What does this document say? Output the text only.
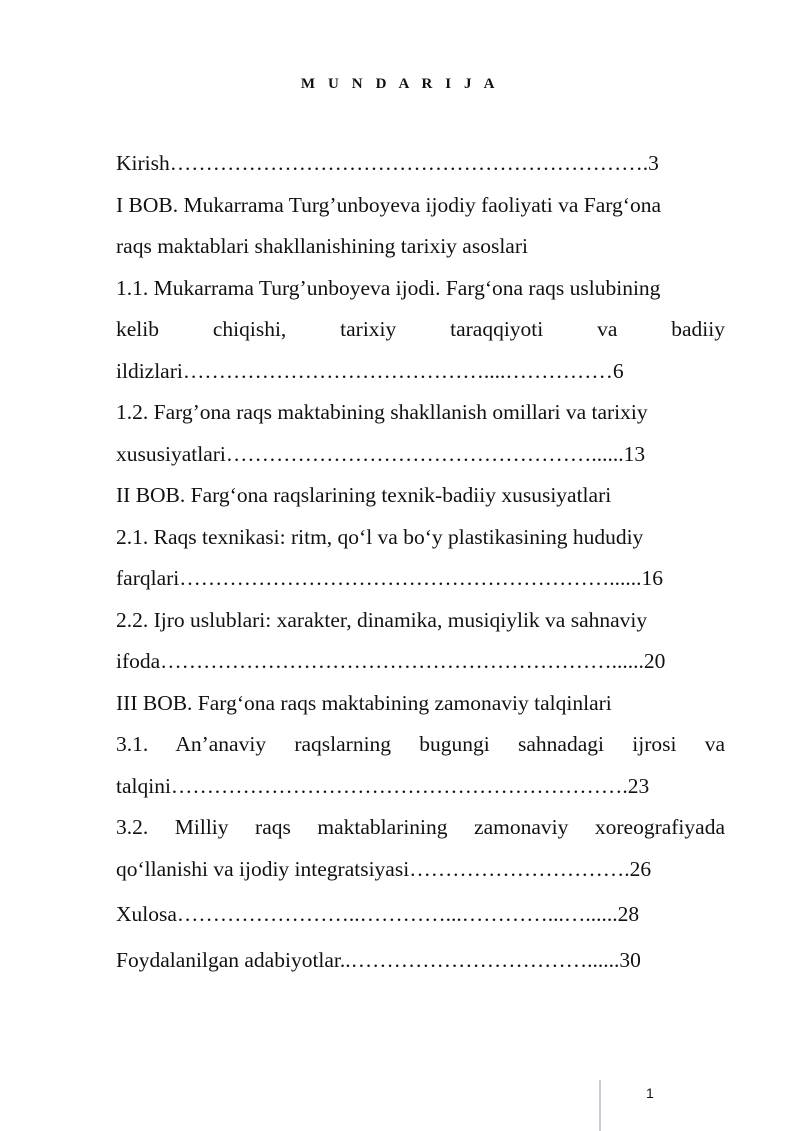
M U N D A R I J A
Kirish………………………………………………………….3
I BOB. Mukarrama Turg’unboyeva ijodiy faoliyati va Farg‘ona
raqs maktablari shakllanishining tarixiy asoslari
1.1. Mukarrama Turg’unboyeva ijodi. Farg‘ona raqs uslubining
kelib chiqishi, tarixiy taraqqiyoti va badiiy
ildizlari……………………………………....……………6
1.2. Farg’ona raqs maktabining shakllanish omillari va tarixiy
xususiyatlari……………………………………………......13
II BOB. Farg‘ona raqslarining texnik-badiiy xususiyatlari
2.1. Raqs texnikasi: ritm, qo‘l va bo‘y plastikasining hududiy
farqlari……………………………………………………......16
2.2. Ijro uslublari: xarakter, dinamika, musiqiylik va sahnaviy
ifoda………………………………………………………......20
III BOB. Farg‘ona raqs maktabining zamonaviy talqinlari
3.1. An’anaviy raqslarning bugungi sahnadagi ijrosi va
talqini……………………………………………………….23
3.2. Milliy raqs maktablarining zamonaviy xoreografiyada
qo‘llanishi va ijodiy integratsiyasi………………………….26
Xulosa……………………..…………...…………...…......28
Foydalanilgan adabiyotlar..……………………………......30
1
